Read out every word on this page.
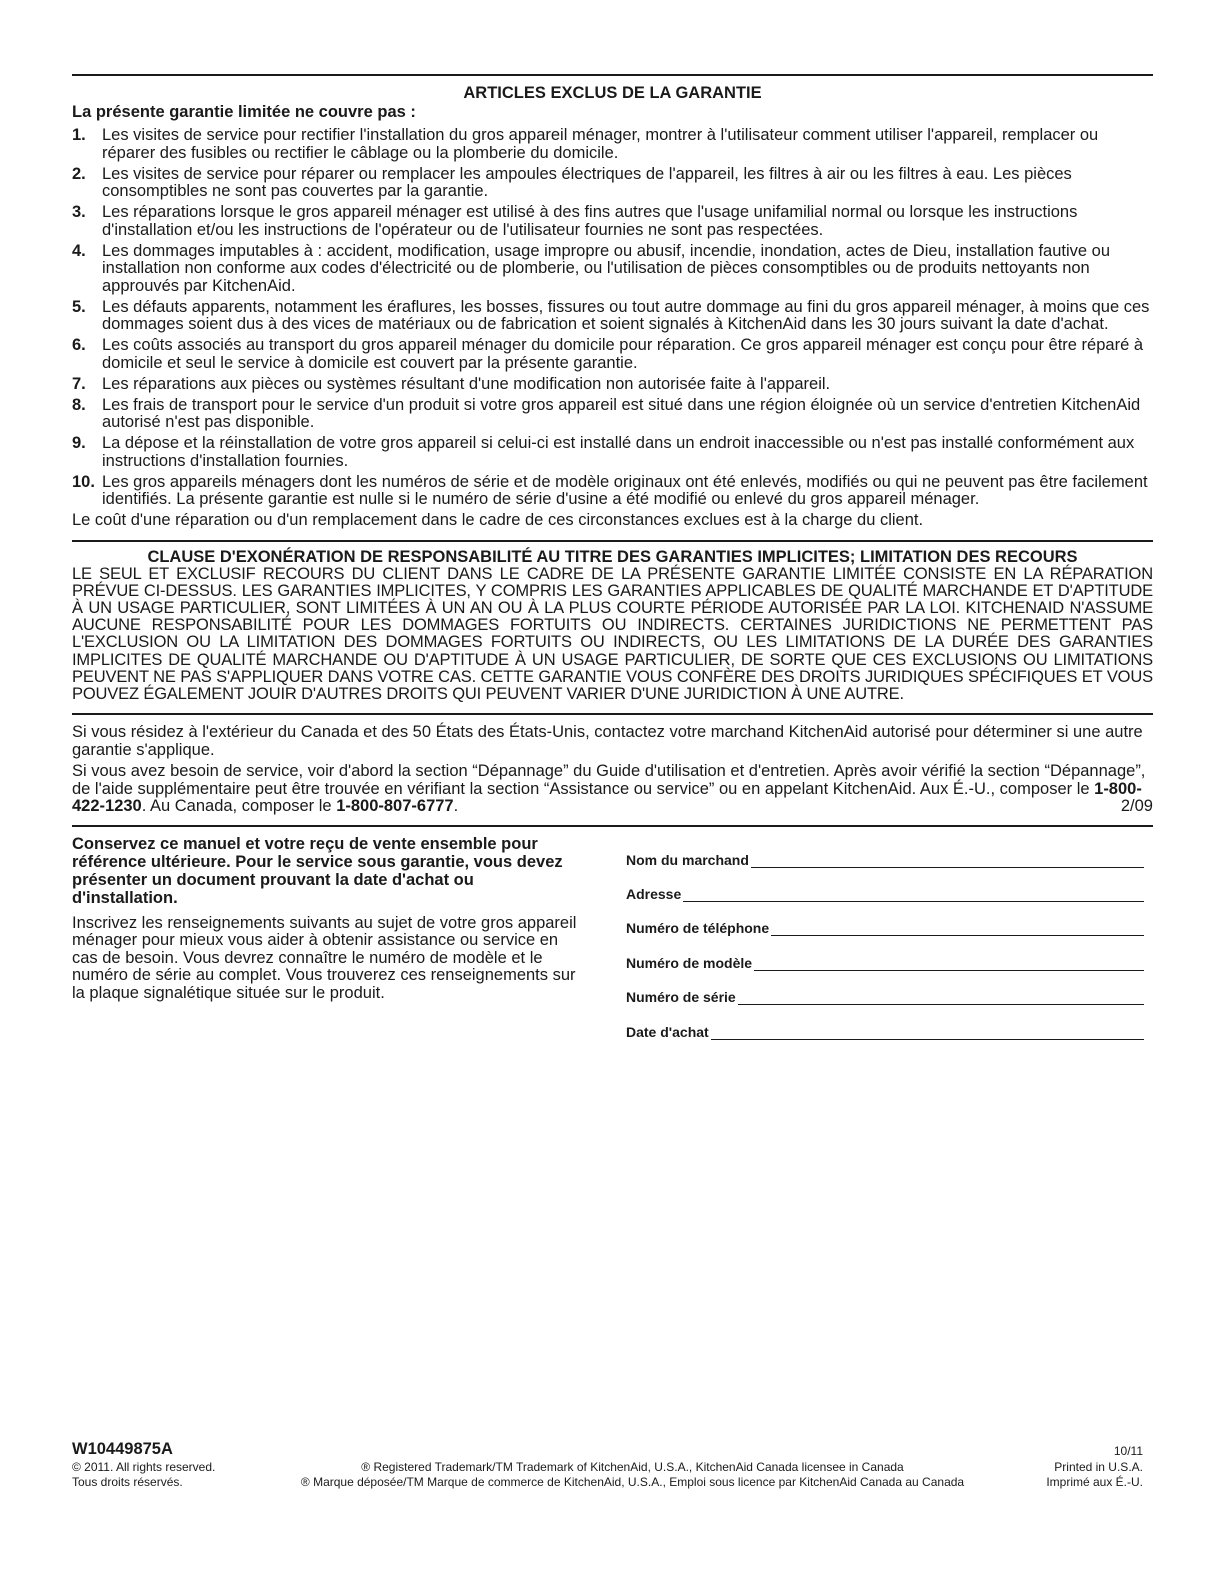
ARTICLES EXCLUS DE LA GARANTIE
La présente garantie limitée ne couvre pas :
1. Les visites de service pour rectifier l'installation du gros appareil ménager, montrer à l'utilisateur comment utiliser l'appareil, remplacer ou réparer des fusibles ou rectifier le câblage ou la plomberie du domicile.
2. Les visites de service pour réparer ou remplacer les ampoules électriques de l'appareil, les filtres à air ou les filtres à eau. Les pièces consomptibles ne sont pas couvertes par la garantie.
3. Les réparations lorsque le gros appareil ménager est utilisé à des fins autres que l'usage unifamilial normal ou lorsque les instructions d'installation et/ou les instructions de l'opérateur ou de l'utilisateur fournies ne sont pas respectées.
4. Les dommages imputables à : accident, modification, usage impropre ou abusif, incendie, inondation, actes de Dieu, installation fautive ou installation non conforme aux codes d'électricité ou de plomberie, ou l'utilisation de pièces consomptibles ou de produits nettoyants non approuvés par KitchenAid.
5. Les défauts apparents, notamment les éraflures, les bosses, fissures ou tout autre dommage au fini du gros appareil ménager, à moins que ces dommages soient dus à des vices de matériaux ou de fabrication et soient signalés à KitchenAid dans les 30 jours suivant la date d'achat.
6. Les coûts associés au transport du gros appareil ménager du domicile pour réparation. Ce gros appareil ménager est conçu pour être réparé à domicile et seul le service à domicile est couvert par la présente garantie.
7. Les réparations aux pièces ou systèmes résultant d'une modification non autorisée faite à l'appareil.
8. Les frais de transport pour le service d'un produit si votre gros appareil est situé dans une région éloignée où un service d'entretien KitchenAid autorisé n'est pas disponible.
9. La dépose et la réinstallation de votre gros appareil si celui-ci est installé dans un endroit inaccessible ou n'est pas installé conformément aux instructions d'installation fournies.
10. Les gros appareils ménagers dont les numéros de série et de modèle originaux ont été enlevés, modifiés ou qui ne peuvent pas être facilement identifiés. La présente garantie est nulle si le numéro de série d'usine a été modifié ou enlevé du gros appareil ménager.
Le coût d'une réparation ou d'un remplacement dans le cadre de ces circonstances exclues est à la charge du client.
CLAUSE D'EXONÉRATION DE RESPONSABILITÉ AU TITRE DES GARANTIES IMPLICITES; LIMITATION DES RECOURS
LE SEUL ET EXCLUSIF RECOURS DU CLIENT DANS LE CADRE DE LA PRÉSENTE GARANTIE LIMITÉE CONSISTE EN LA RÉPARATION PRÉVUE CI-DESSUS. LES GARANTIES IMPLICITES, Y COMPRIS LES GARANTIES APPLICABLES DE QUALITÉ MARCHANDE ET D'APTITUDE À UN USAGE PARTICULIER, SONT LIMITÉES À UN AN OU À LA PLUS COURTE PÉRIODE AUTORISÉE PAR LA LOI. KITCHENAID N'ASSUME AUCUNE RESPONSABILITÉ POUR LES DOMMAGES FORTUITS OU INDIRECTS. CERTAINES JURIDICTIONS NE PERMETTENT PAS L'EXCLUSION OU LA LIMITATION DES DOMMAGES FORTUITS OU INDIRECTS, OU LES LIMITATIONS DE LA DURÉE DES GARANTIES IMPLICITES DE QUALITÉ MARCHANDE OU D'APTITUDE À UN USAGE PARTICULIER, DE SORTE QUE CES EXCLUSIONS OU LIMITATIONS PEUVENT NE PAS S'APPLIQUER DANS VOTRE CAS. CETTE GARANTIE VOUS CONFÈRE DES DROITS JURIDIQUES SPÉCIFIQUES ET VOUS POUVEZ ÉGALEMENT JOUIR D'AUTRES DROITS QUI PEUVENT VARIER D'UNE JURIDICTION À UNE AUTRE.
Si vous résidez à l'extérieur du Canada et des 50 États des États-Unis, contactez votre marchand KitchenAid autorisé pour déterminer si une autre garantie s'applique.
Si vous avez besoin de service, voir d'abord la section “Dépannage” du Guide d'utilisation et d'entretien. Après avoir vérifié la section “Dépannage”, de l'aide supplémentaire peut être trouvée en vérifiant la section “Assistance ou service” ou en appelant KitchenAid. Aux É.-U., composer le 1-800-422-1230. Au Canada, composer le 1-800-807-6777.	2/09
Conservez ce manuel et votre reçu de vente ensemble pour référence ultérieure. Pour le service sous garantie, vous devez présenter un document prouvant la date d'achat ou d'installation.
Inscrivez les renseignements suivants au sujet de votre gros appareil ménager pour mieux vous aider à obtenir assistance ou service en cas de besoin. Vous devrez connaître le numéro de modèle et le numéro de série au complet. Vous trouverez ces renseignements sur la plaque signalétique située sur le produit.
Nom du marchand
Adresse
Numéro de téléphone
Numéro de modèle
Numéro de série
Date d'achat
W10449875A	10/11
© 2011. All rights reserved.	® Registered Trademark/TM Trademark of KitchenAid, U.S.A., KitchenAid Canada licensee in Canada	Printed in U.S.A.
Tous droits réservés.	® Marque déposée/TM Marque de commerce de KitchenAid, U.S.A., Emploi sous licence par KitchenAid Canada au Canada	Imprimé aux É.-U.
